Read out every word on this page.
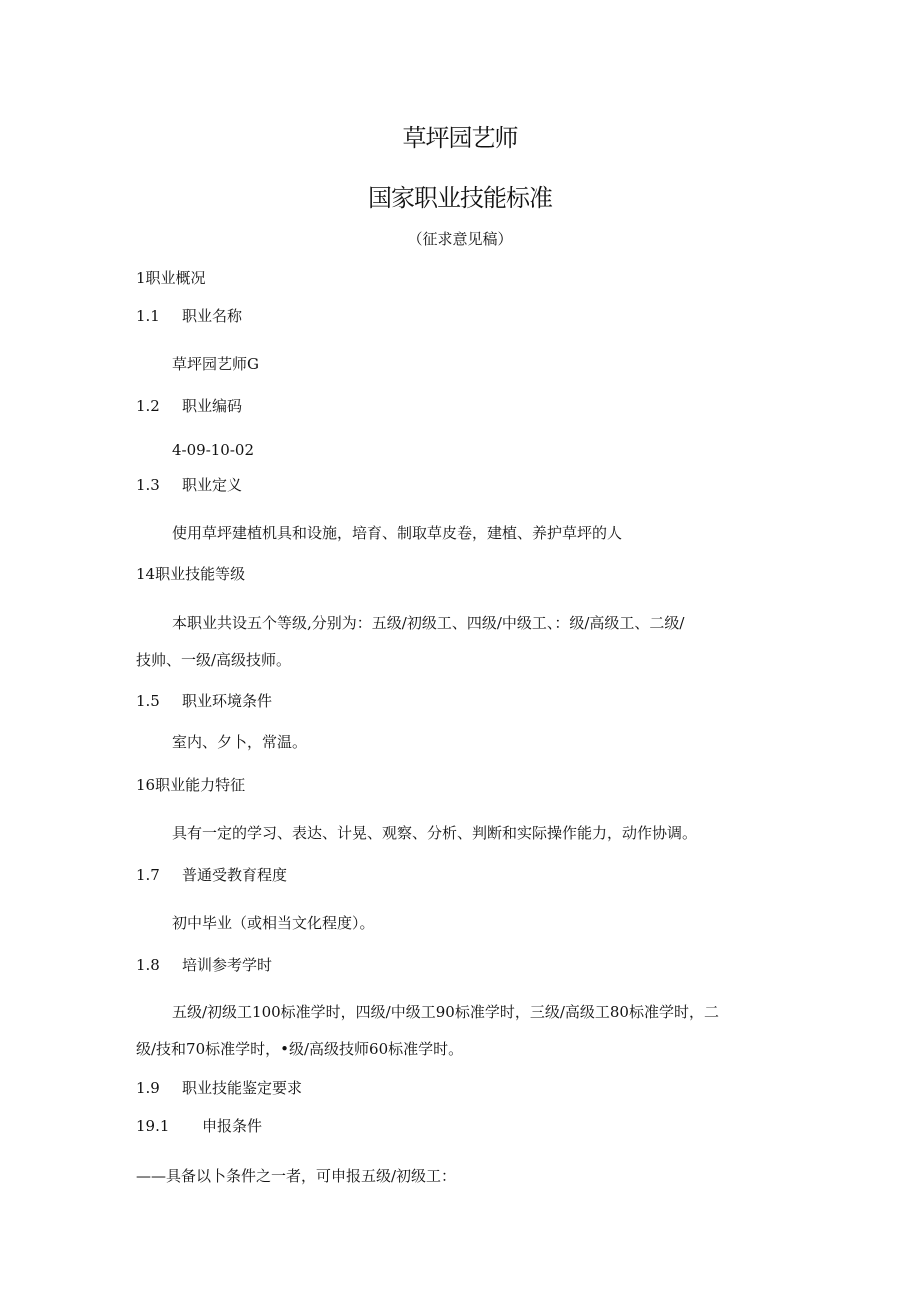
草坪园艺师
国家职业技能标准
（征求意见稿）
1职业概况
1.1 职业名称
草坪园艺师G
1.2 职业编码
4-09-10-02
1.3 职业定义
使用草坪建植机具和设施，培育、制取草皮卷，建植、养护草坪的人
14职业技能等级
本职业共设五个等级,分别为：五级/初级工、四级/中级工、：级/高级工、二级/
技帅、一级/高级技师。
1.5 职业环境条件
室内、夕卜，常温。
16职业能力特征
具有一定的学习、表达、计晃、观察、分析、判断和实际操作能力，动作协调。
1.7 普通受教育程度
初中毕业（或相当文化程度）。
1.8 培训参考学时
五级/初级工100标准学时，四级/中级工90标准学时，三级/高级工80标准学时，二
级/技和70标准学时，•级/高级技师60标准学时。
1.9 职业技能鉴定要求
19.1 申报条件
——具备以卜条件之一者，可申报五级/初级工：
